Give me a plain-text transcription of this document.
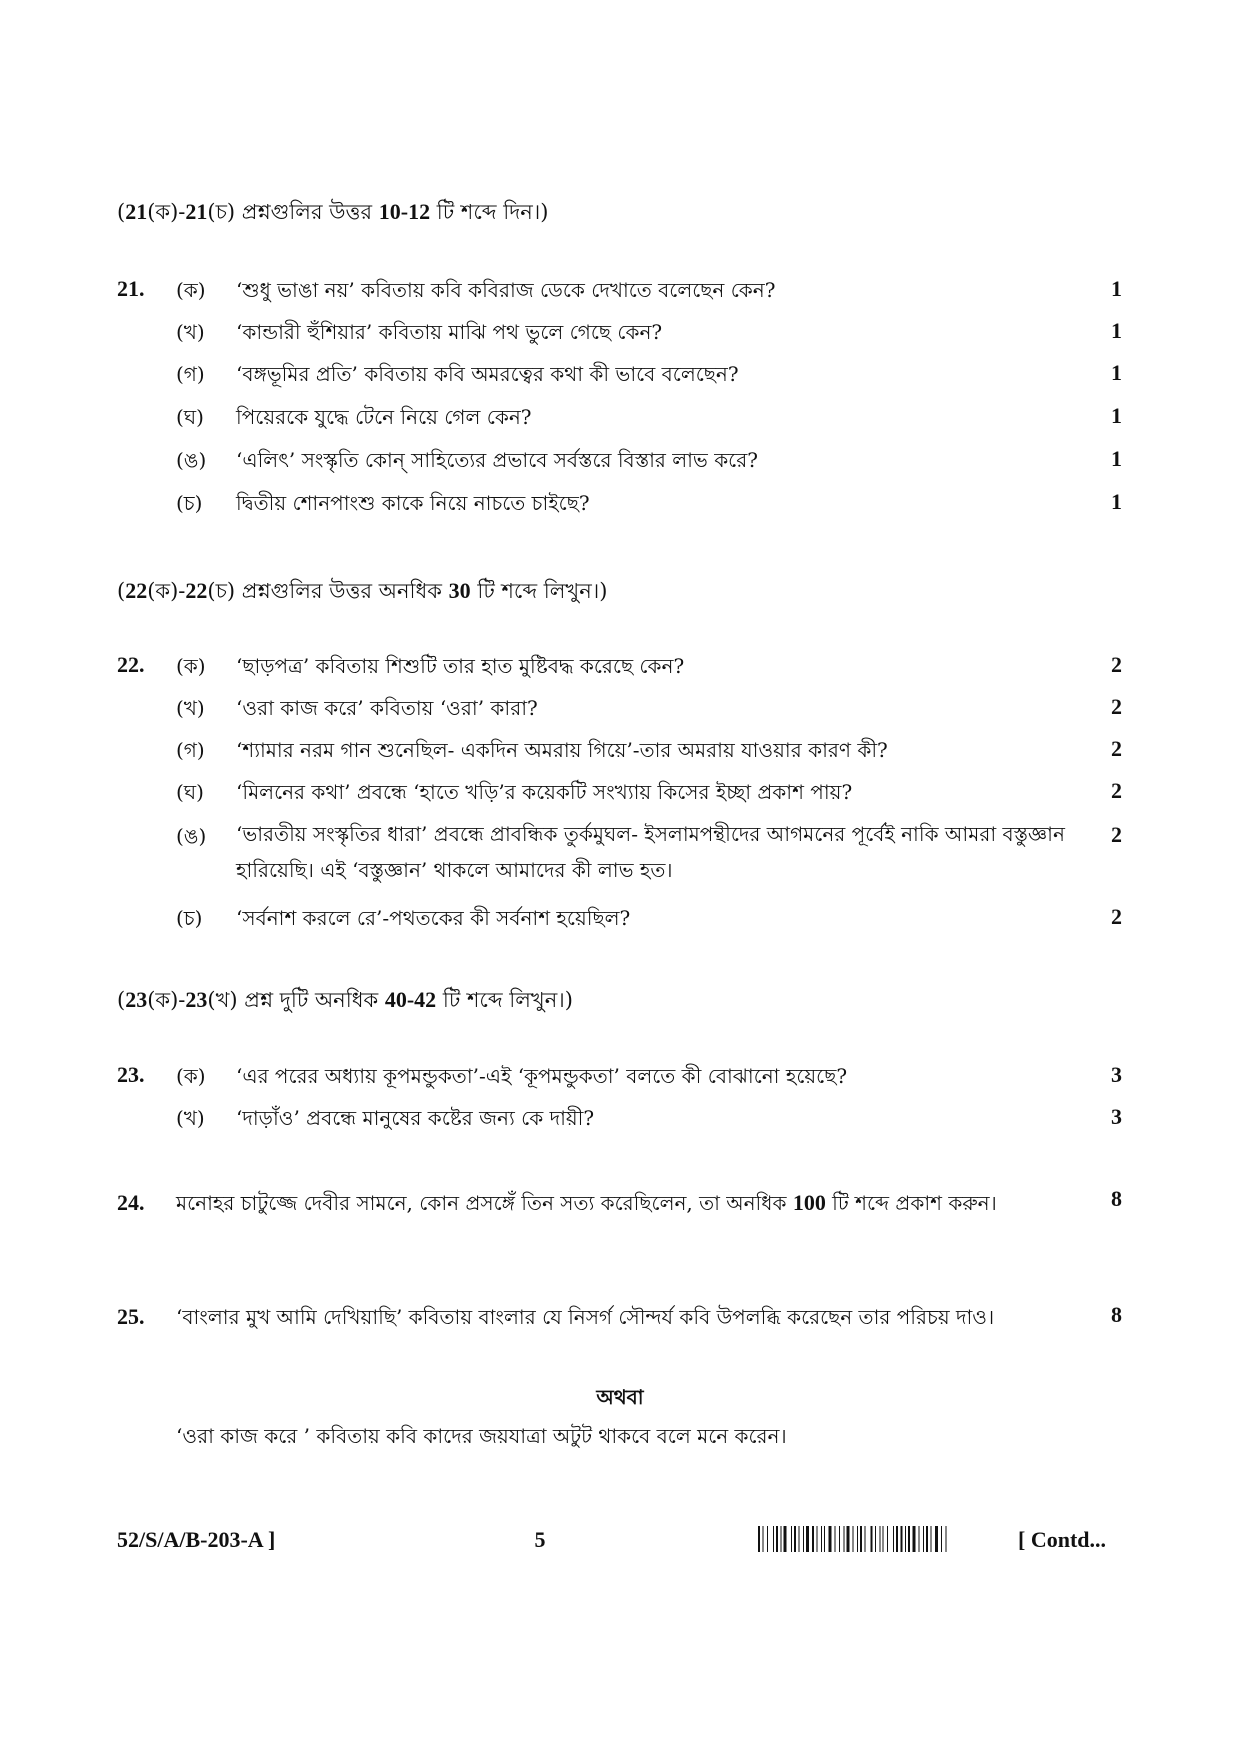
(21(ক)-21(চ) প্রশ্নগুলির উত্তর 10-12 টি শব্দে দিন।)
21. (ক) ‘শুধু ভাঙা নয়’ কবিতায় কবি কবিরাজ ডেকে দেখাতে বলেছেন কেন?	1
(খ) ‘কান্ডারী হুঁশিয়ার’ কবিতায় মাঝি পথ ভুলে গেছে কেন?	1
(গ) ‘বঙ্গভূমির প্রতি’ কবিতায় কবি অমরত্বের কথা কী ভাবে বলেছেন?	1
(ঘ) পিয়েরকে যুদ্ধে টেনে নিয়ে গেল কেন?	1
(ঙ) ‘এলিৎ’ সংস্কৃতি কোন্ সাহিত্যের প্রভাবে সর্বস্তরে বিস্তার লাভ করে?	1
(চ) দ্বিতীয় শোনপাংশু কাকে নিয়ে নাচতে চাইছে?	1
(22(ক)-22(চ) প্রশ্নগুলির উত্তর অনধিক 30 টি শব্দে লিখুন।)
22. (ক) ‘ছাড়পত্র’ কবিতায় শিশুটি তার হাত মুষ্টিবদ্ধ করেছে কেন?	2
(খ) ‘ওরা কাজ করে’ কবিতায় ‘ওরা’ কারা?	2
(গ) ‘শ্যামার নরম গান শুনেছিল- একদিন অমরায় গিয়ে’-তার অমরায় যাওয়ার কারণ কী?	2
(ঘ) ‘মিলনের কথা’ প্রবন্ধে ‘হাতে খড়ি’র কয়েকটি সংখ্যায় কিসের ইচ্ছা প্রকাশ পায়?	2
(ঙ) ‘ভারতীয় সংস্কৃতির ধারা’ প্রবন্ধে প্রাবন্ধিক তুর্কমুঘল- ইসলামপন্থীদের আগমনের পূর্বেই নাকি আমরা বস্তুজ্ঞান হারিয়েছি। এই ‘বস্তুজ্ঞান’ থাকলে আমাদের কী লাভ হত।
2
(চ) ‘সর্বনাশ করলে রে’-পথতকের কী সর্বনাশ হয়েছিল?	2
(23(ক)-23(খ) প্রশ্ন দুটি অনধিক 40-42 টি শব্দে লিখুন।)
23. (ক) ‘এর পরের অধ্যায় কূপমন্ডুকতা’-এই ‘কূপমন্ডুকতা’ বলতে কী বোঝানো হয়েছে?	3
(খ) ‘দাড়াঁও’ প্রবন্ধে মানুষের কষ্টের জন্য কে দায়ী?	3
24. মনোহর চাটুজ্জে দেবীর সামনে, কোন প্রসঙ্গেঁ তিন সত্য করেছিলেন, তা অনধিক 100 টি শব্দে প্রকাশ করুন।	8
25. ‘বাংলার মুখ আমি দেখিয়াছি’ কবিতায় বাংলার যে নিসর্গ সৌন্দর্য কবি উপলব্ধি করেছেন তার পরিচয় দাও।	8
অথবা
‘ওরা কাজ করে ’ কবিতায় কবি কাদের জয়যাত্রা অটুট থাকবে বলে মনে করেন।
52/S/A/B-203-A ]	5	[ Contd...
